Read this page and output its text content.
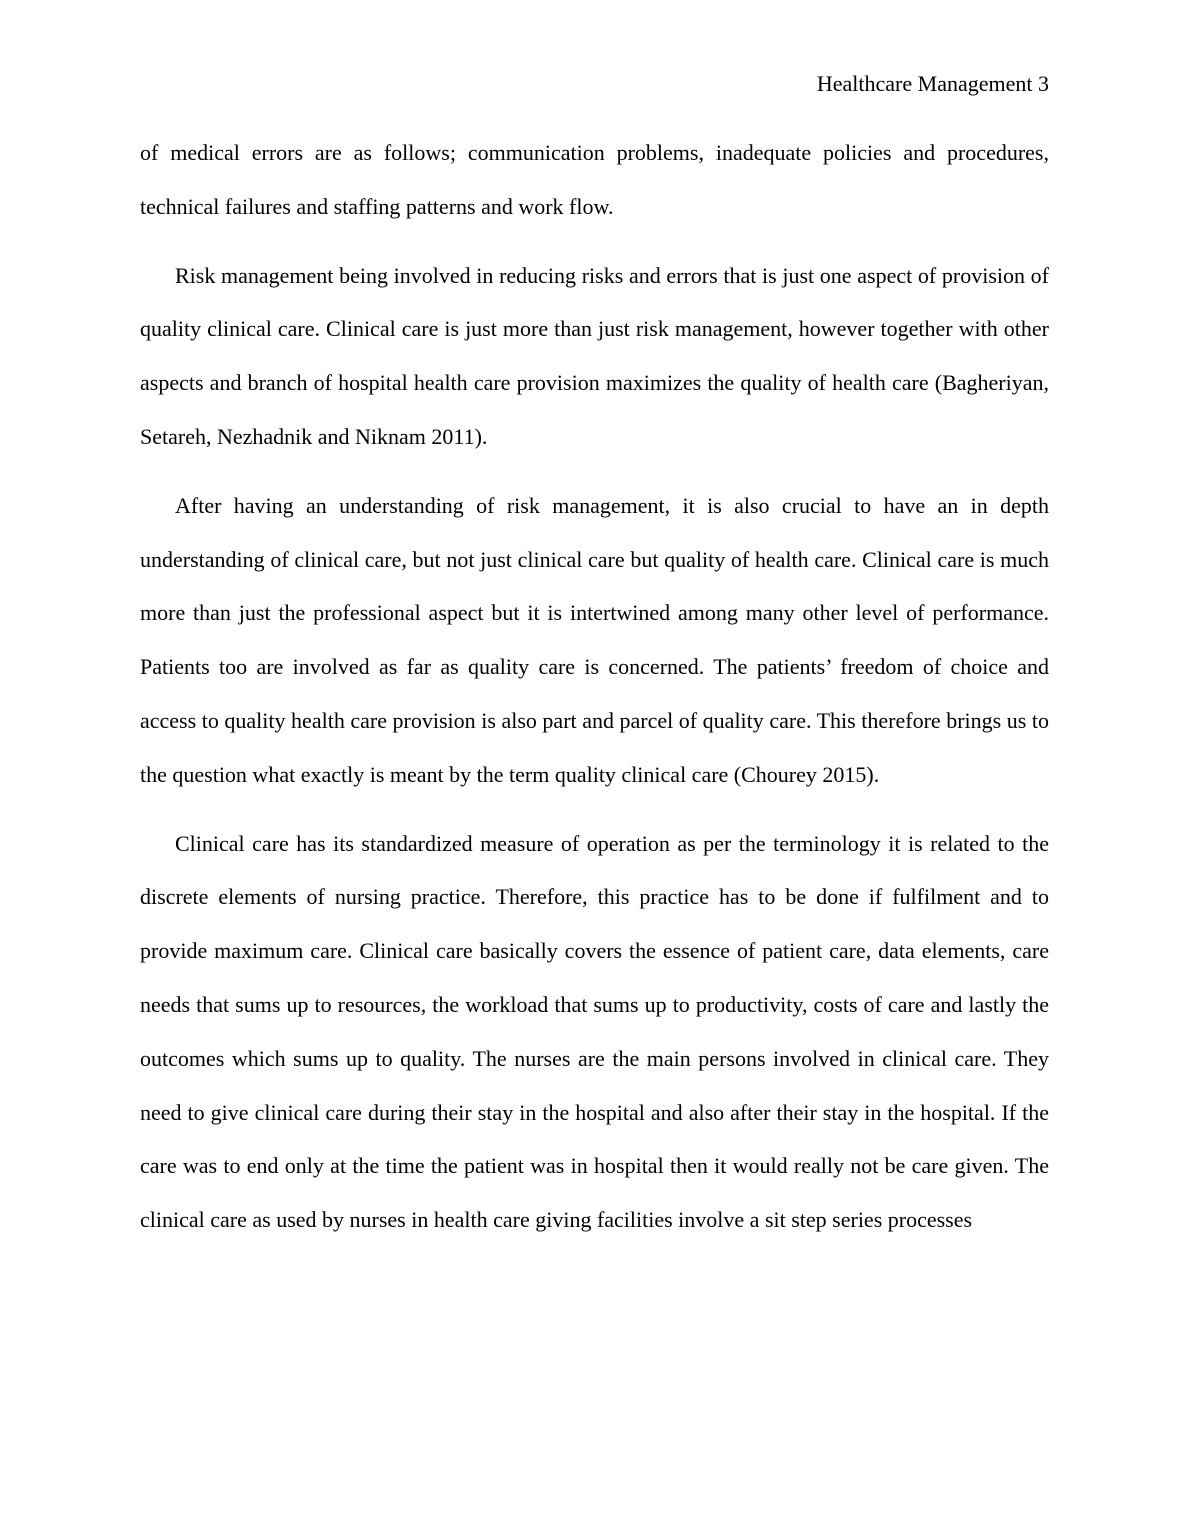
Healthcare Management 3

of medical errors are as follows; communication problems, inadequate policies and procedures, technical failures and staffing patterns and work flow.

Risk management being involved in reducing risks and errors that is just one aspect of provision of quality clinical care. Clinical care is just more than just risk management, however together with other aspects and branch of hospital health care provision maximizes the quality of health care (Bagheriyan, Setareh, Nezhadnik and Niknam 2011).

After having an understanding of risk management, it is also crucial to have an in depth understanding of clinical care, but not just clinical care but quality of health care. Clinical care is much more than just the professional aspect but it is intertwined among many other level of performance. Patients too are involved as far as quality care is concerned. The patients’ freedom of choice and access to quality health care provision is also part and parcel of quality care. This therefore brings us to the question what exactly is meant by the term quality clinical care (Chourey 2015).

Clinical care has its standardized measure of operation as per the terminology it is related to the discrete elements of nursing practice. Therefore, this practice has to be done if fulfilment and to provide maximum care. Clinical care basically covers the essence of patient care, data elements, care needs that sums up to resources, the workload that sums up to productivity, costs of care and lastly the outcomes which sums up to quality. The nurses are the main persons involved in clinical care. They need to give clinical care during their stay in the hospital and also after their stay in the hospital. If the care was to end only at the time the patient was in hospital then it would really not be care given. The clinical care as used by nurses in health care giving facilities involve a sit step series processes
